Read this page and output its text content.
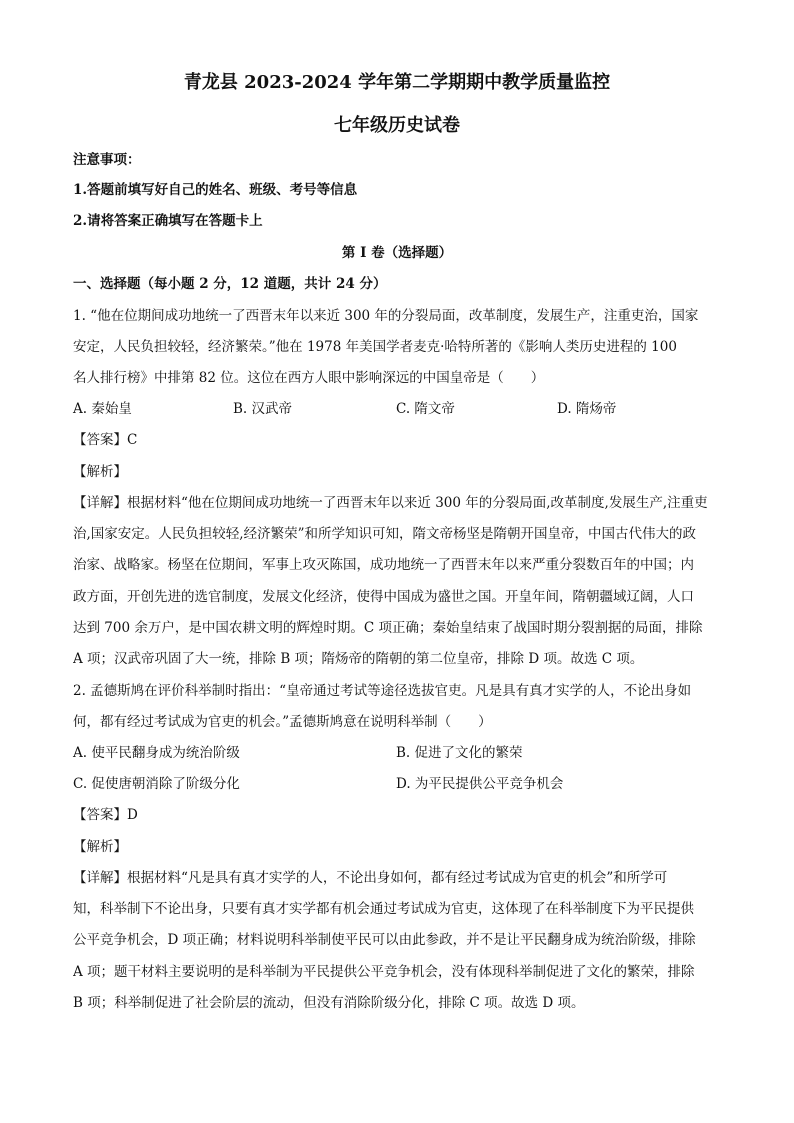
青龙县 2023-2024 学年第二学期期中教学质量监控
七年级历史试卷
注意事项：
1.答题前填写好自己的姓名、班级、考号等信息
2.请将答案正确填写在答题卡上
第 I 卷（选择题）
一、选择题（每小题 2 分，12 道题，共计 24 分）
1. “他在位期间成功地统一了西晋末年以来近 300 年的分裂局面，改革制度，发展生产，注重吏治，国家
安定，人民负担较轻，经济繁荣。”他在 1978 年美国学者麦克·哈特所著的《影响人类历史进程的 100
名人排行榜》中排第 82 位。这位在西方人眼中影响深远的中国皇帝是（　　）
A. 秦始皇	B. 汉武帝	C. 隋文帝	D. 隋炀帝
【答案】C
【解析】
【详解】根据材料“他在位期间成功地统一了西晋末年以来近 300 年的分裂局面,改革制度,发展生产,注重吏
治,国家安定。人民负担较轻,经济繁荣”和所学知识可知，隋文帝杨坚是隋朝开国皇帝，中国古代伟大的政
治家、战略家。杨坚在位期间，军事上攻灭陈国，成功地统一了西晋末年以来严重分裂数百年的中国；内
政方面，开创先进的选官制度，发展文化经济，使得中国成为盛世之国。开皇年间，隋朝疆域辽阔，人口
达到 700 余万户，是中国农耕文明的辉煌时期。C 项正确；秦始皇结束了战国时期分裂割据的局面，排除
A 项；汉武帝巩固了大一统，排除 B 项；隋炀帝的隋朝的第二位皇帝，排除 D 项。故选 C 项。
2. 孟德斯鸠在评价科举制时指出：“皇帝通过考试等途径选拔官吏。凡是具有真才实学的人，不论出身如
何，都有经过考试成为官吏的机会。”孟德斯鸠意在说明科举制（　　）
A. 使平民翻身成为统治阶级	B. 促进了文化的繁荣
C. 促使唐朝消除了阶级分化	D. 为平民提供公平竞争机会
【答案】D
【解析】
【详解】根据材料“凡是具有真才实学的人，不论出身如何，都有经过考试成为官吏的机会”和所学可
知，科举制下不论出身，只要有真才实学都有机会通过考试成为官吏，这体现了在科举制度下为平民提供
公平竞争机会，D 项正确；材料说明科举制使平民可以由此参政，并不是让平民翻身成为统治阶级，排除
A 项；题干材料主要说明的是科举制为平民提供公平竞争机会，没有体现科举制促进了文化的繁荣，排除
B 项；科举制促进了社会阶层的流动，但没有消除阶级分化，排除 C 项。故选 D 项。
